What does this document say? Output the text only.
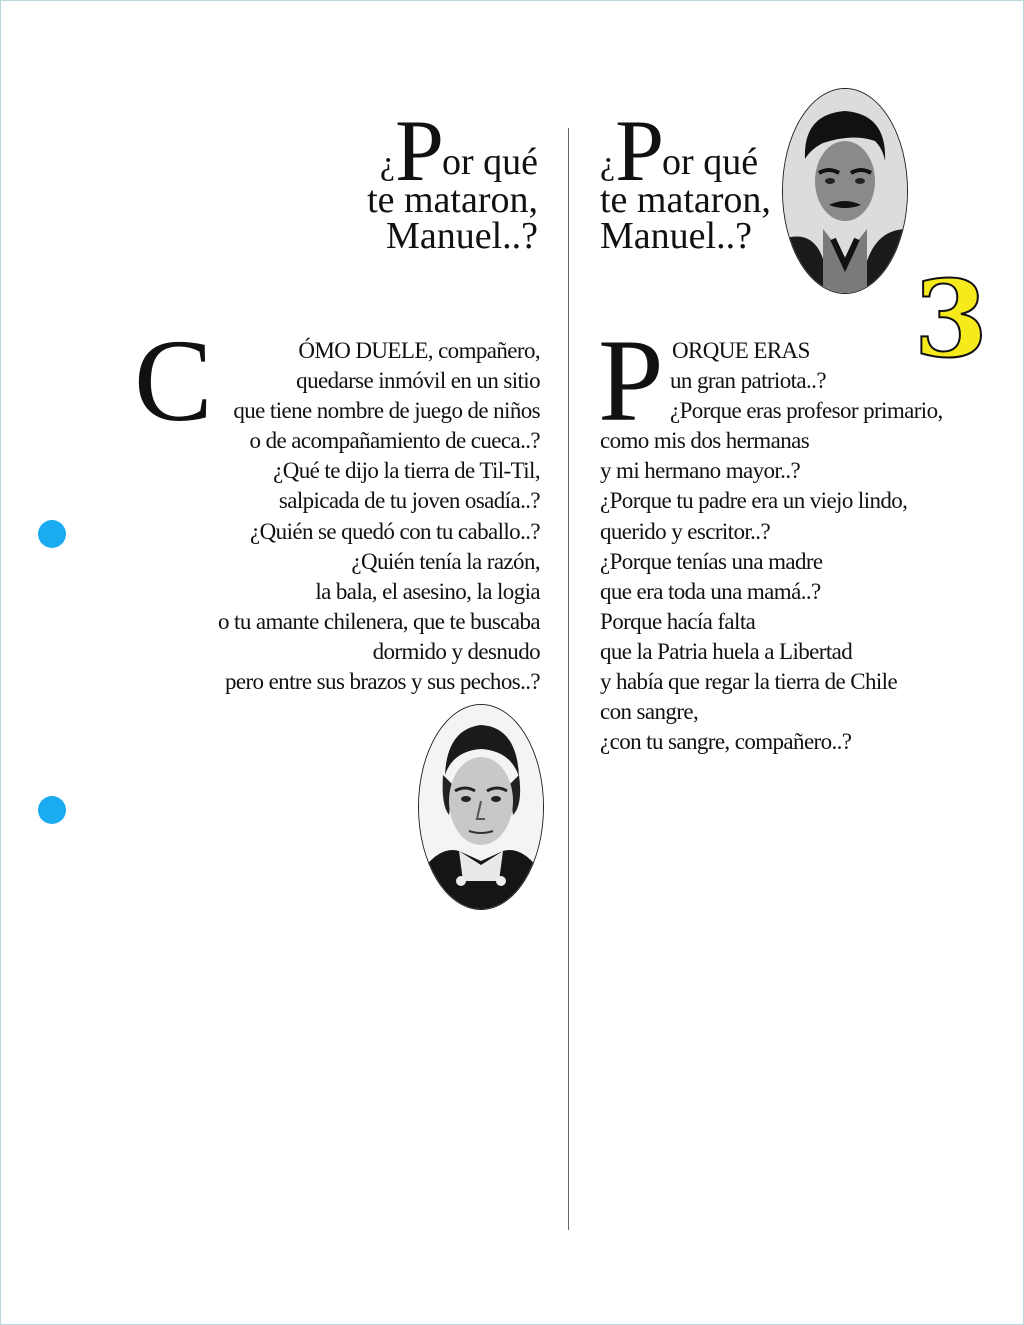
¿Por qué
te mataron,
Manuel..?
¿Por qué
te mataron,
Manuel..?
3
C	ÓMO DUELE, compañero,
quedarse inmóvil en un sitio
que tiene nombre de juego de niños
o de acompañamiento de cueca..?
¿Qué te dijo la tierra de Til-Til,
salpicada de tu joven osadía..?
¿Quién se quedó con tu caballo..?
¿Quién tenía la razón,
la bala, el asesino, la logia
o tu amante chilenera, que te buscaba
dormido y desnudo
pero entre sus brazos y sus pechos..?
P ORQUE ERAS
un gran patriota..?
¿Porque eras profesor primario,
como mis dos hermanas
y mi hermano mayor..?
¿Porque tu padre era un viejo lindo,
querido y escritor..?
¿Porque tenías una madre
que era toda una mamá..?
Porque hacía falta
que la Patria huela a Libertad
y había que regar la tierra de Chile
con sangre,
¿con tu sangre, compañero..?
